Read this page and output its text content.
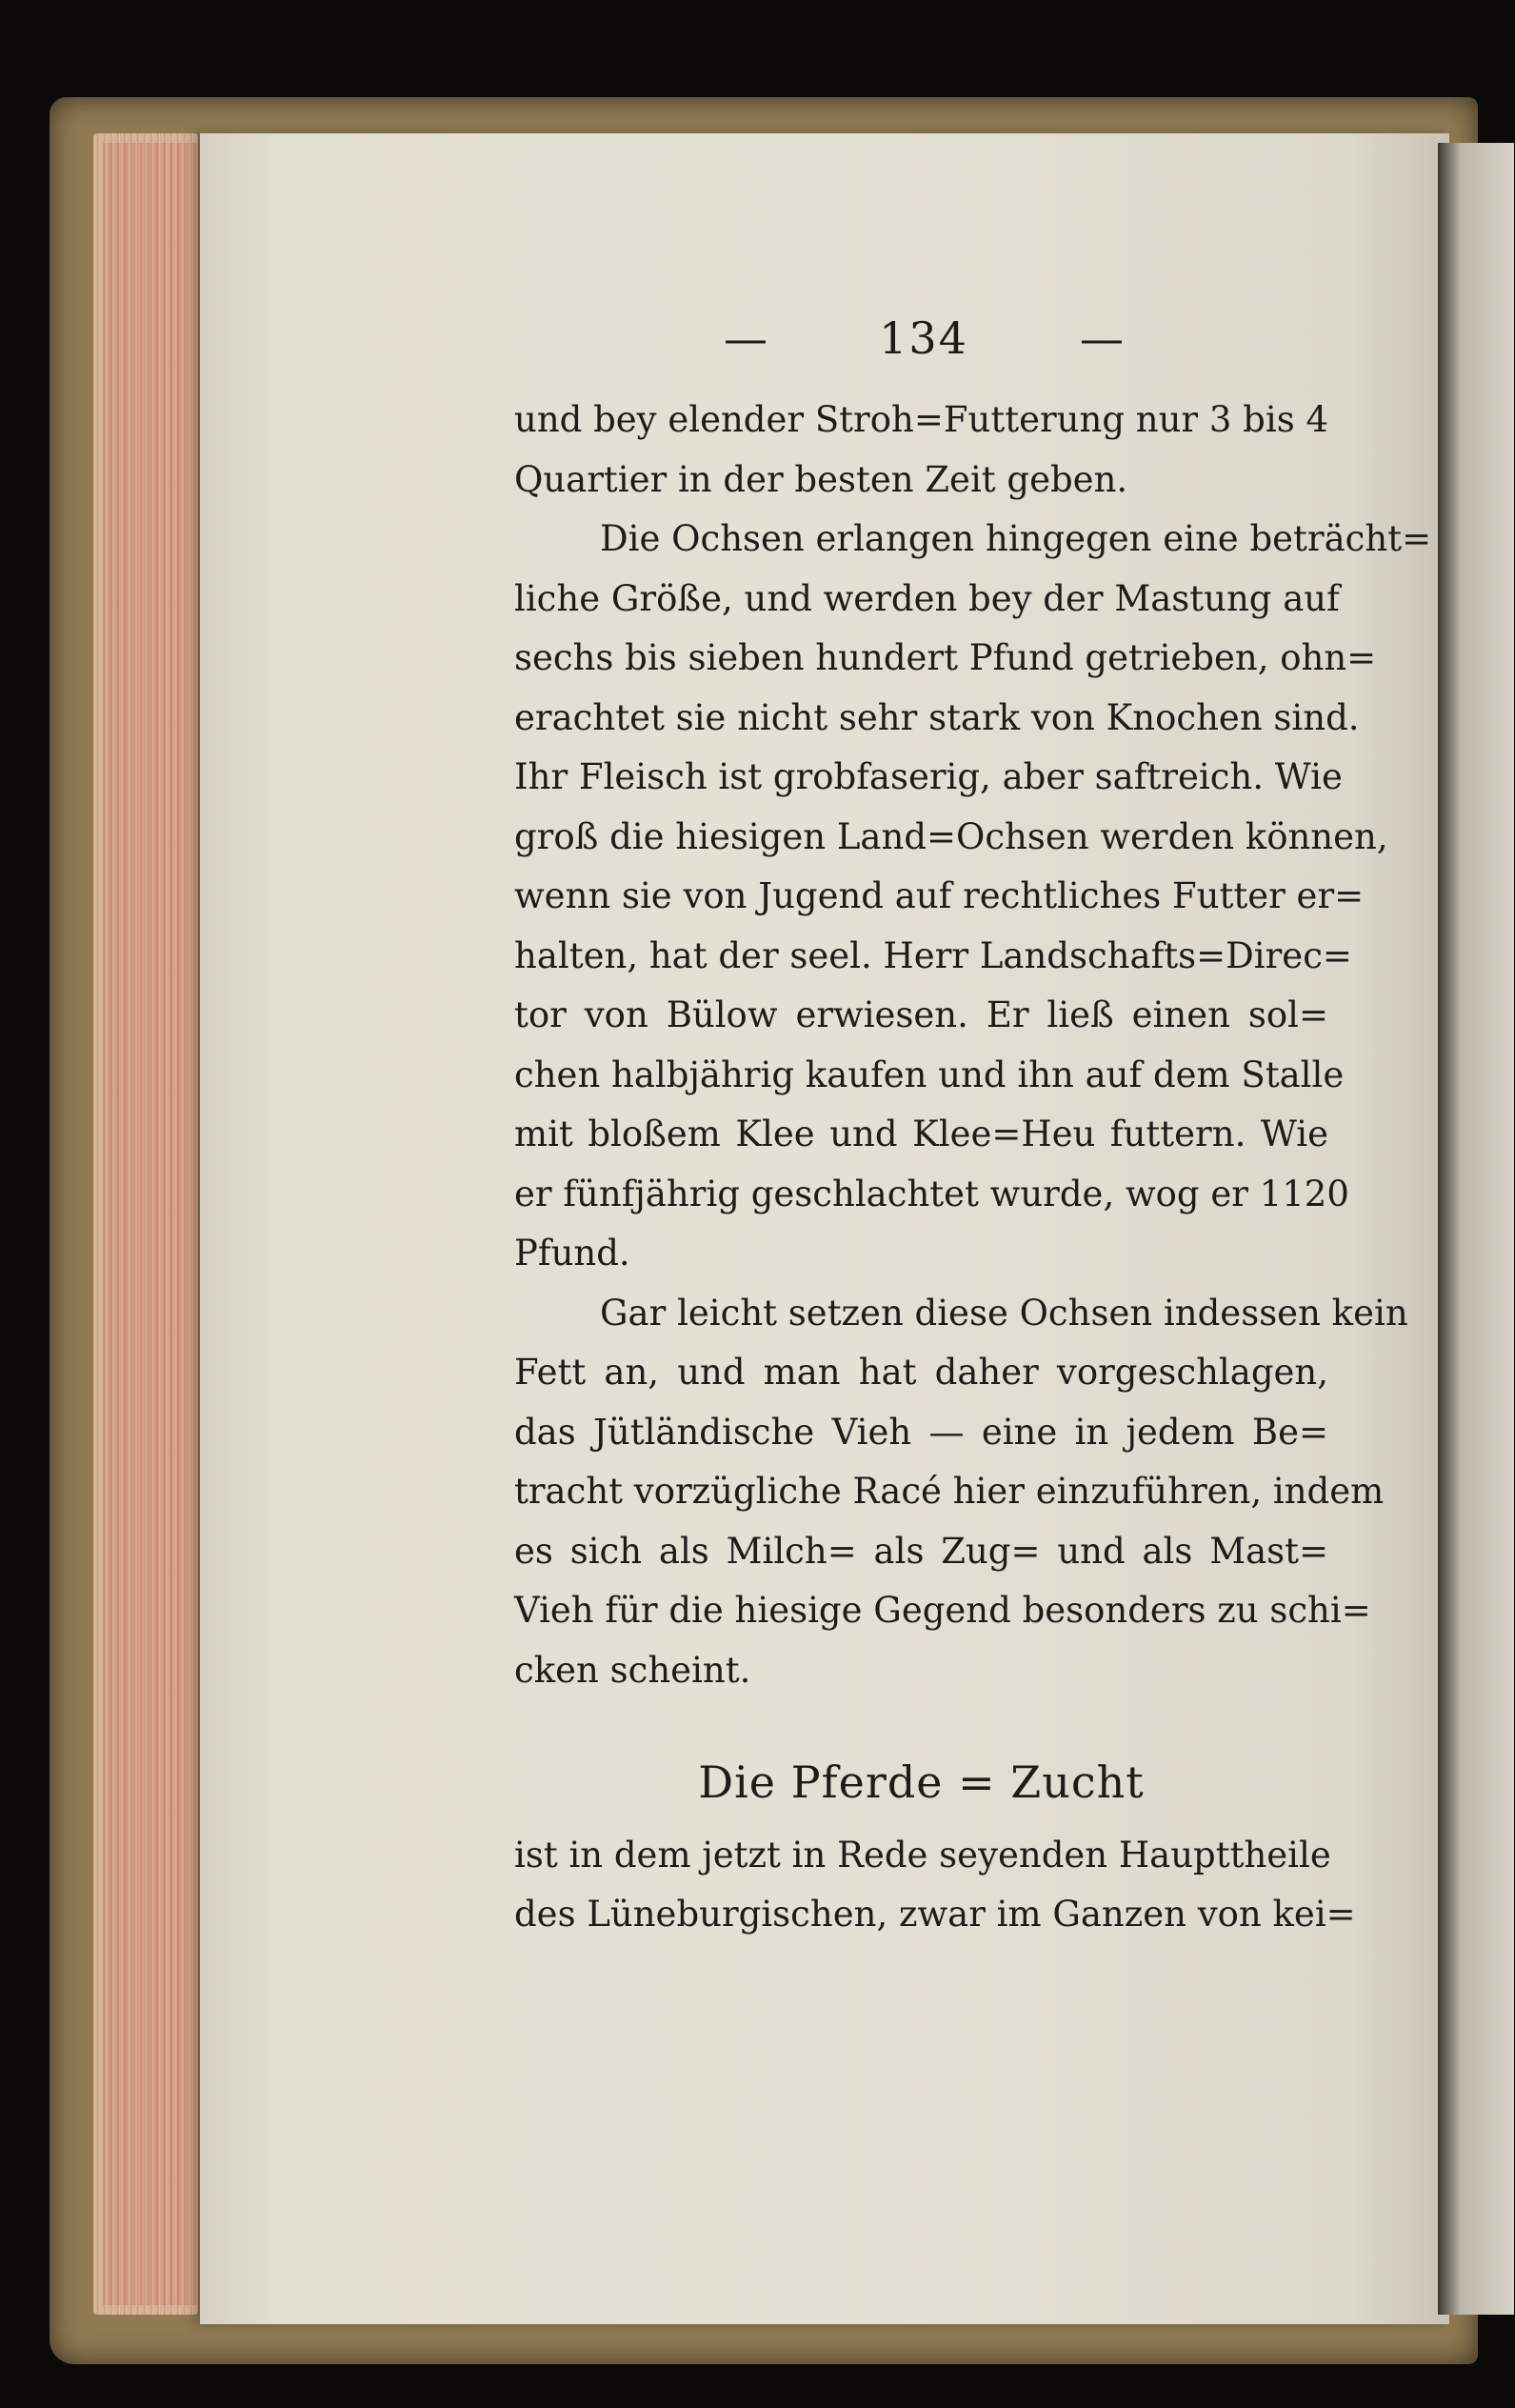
—	134	—

und bey elender Stroh=Futterung nur 3 bis 4
Quartier in der besten Zeit geben.

Die Ochsen erlangen hingegen eine beträcht=
liche Größe, und werden bey der Mastung auf
sechs bis sieben hundert Pfund getrieben, ohn=
erachtet sie nicht sehr stark von Knochen sind.
Ihr Fleisch ist grobfaserig, aber saftreich. Wie
groß die hiesigen Land=Ochsen werden können,
wenn sie von Jugend auf rechtliches Futter er=
halten, hat der seel. Herr Landschafts=Direc=
tor von Bülow erwiesen. Er ließ einen sol=
chen halbjährig kaufen und ihn auf dem Stalle
mit bloßem Klee und Klee=Heu futtern. Wie
er fünfjährig geschlachtet wurde, wog er 1120
Pfund.

Gar leicht setzen diese Ochsen indessen kein
Fett an, und man hat daher vorgeschlagen,
das Jütländische Vieh — eine in jedem Be=
tracht vorzügliche Racé hier einzuführen, indem
es sich als Milch= als Zug= und als Mast=
Vieh für die hiesige Gegend besonders zu schi=
cken scheint.

Die Pferde = Zucht

ist in dem jetzt in Rede seyenden Haupttheile
des Lüneburgischen, zwar im Ganzen von kei=
